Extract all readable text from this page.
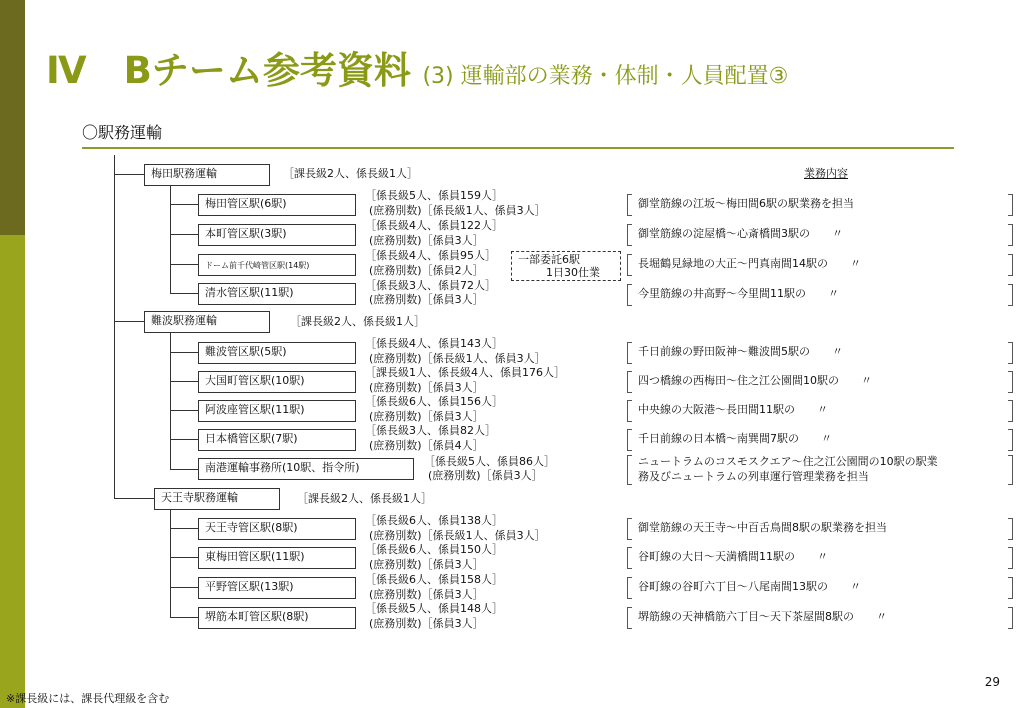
Ⅳ　Bチーム参考資料 (3) 運輸部の業務・体制・人員配置③
〇駅務運輸
業務内容
梅田駅務運輸	［課長級2人、係長級1人］
梅田管区駅(6駅)
［係長級5人、係員159人］
(庶務別数)［係長級1人、係員3人］
御堂筋線の江坂～梅田間6駅の駅業務を担当
本町管区駅(3駅)
［係長級4人、係員122人］
(庶務別数)［係員3人］
御堂筋線の淀屋橋～心斎橋間3駅の　　〃
ドーム前千代崎管区駅(14駅)
［係長級4人、係員95人］
(庶務別数)［係員2人］
一部委託6駅
1日30仕業
長堀鶴見緑地の大正～門真南間14駅の　　〃
清水管区駅(11駅)
［係長級3人、係員72人］
(庶務別数)［係員3人］	今里筋線の井高野～今里間11駅の　　〃
難波駅務運輸	［課長級2人、係長級1人］
難波管区駅(5駅)
［係長級4人、係員143人］
(庶務別数)［係長級1人、係員3人］
千日前線の野田阪神～難波間5駅の　　〃
大国町管区駅(10駅)
［課長級1人、係長級4人、係員176人］
(庶務別数)［係員3人］
四つ橋線の西梅田～住之江公園間10駅の　　〃
阿波座管区駅(11駅)
［係長級6人、係員156人］
(庶務別数)［係員3人］
中央線の大阪港～長田間11駅の　　〃
日本橋管区駅(7駅)
［係長級3人、係員82人］
(庶務別数)［係員4人］
千日前線の日本橋～南巽間7駅の　　〃
南港運輸事務所(10駅、指令所)	［係長級5人、係員86人］
(庶務別数)［係員3人］
ニュートラムのコスモスクエア～住之江公園間の10駅の駅業
務及びニュートラムの列車運行管理業務を担当
天王寺駅務運輸	［課長級2人、係長級1人］
天王寺管区駅(8駅)
［係長級6人、係員138人］
(庶務別数)［係長級1人、係員3人］
御堂筋線の天王寺～中百舌鳥間8駅の駅業務を担当
東梅田管区駅(11駅)
［係長級6人、係員150人］
(庶務別数)［係員3人］
谷町線の大日～天満橋間11駅の　　〃
平野管区駅(13駅)
［係長級6人、係員158人］
(庶務別数)［係員3人］
谷町線の谷町六丁目～八尾南間13駅の　　〃
堺筋本町管区駅(8駅)
［係長級5人、係員148人］
(庶務別数)［係員3人］
堺筋線の天神橋筋六丁目～天下茶屋間8駅の　　〃
29
※課長級には、課長代理級を含む
